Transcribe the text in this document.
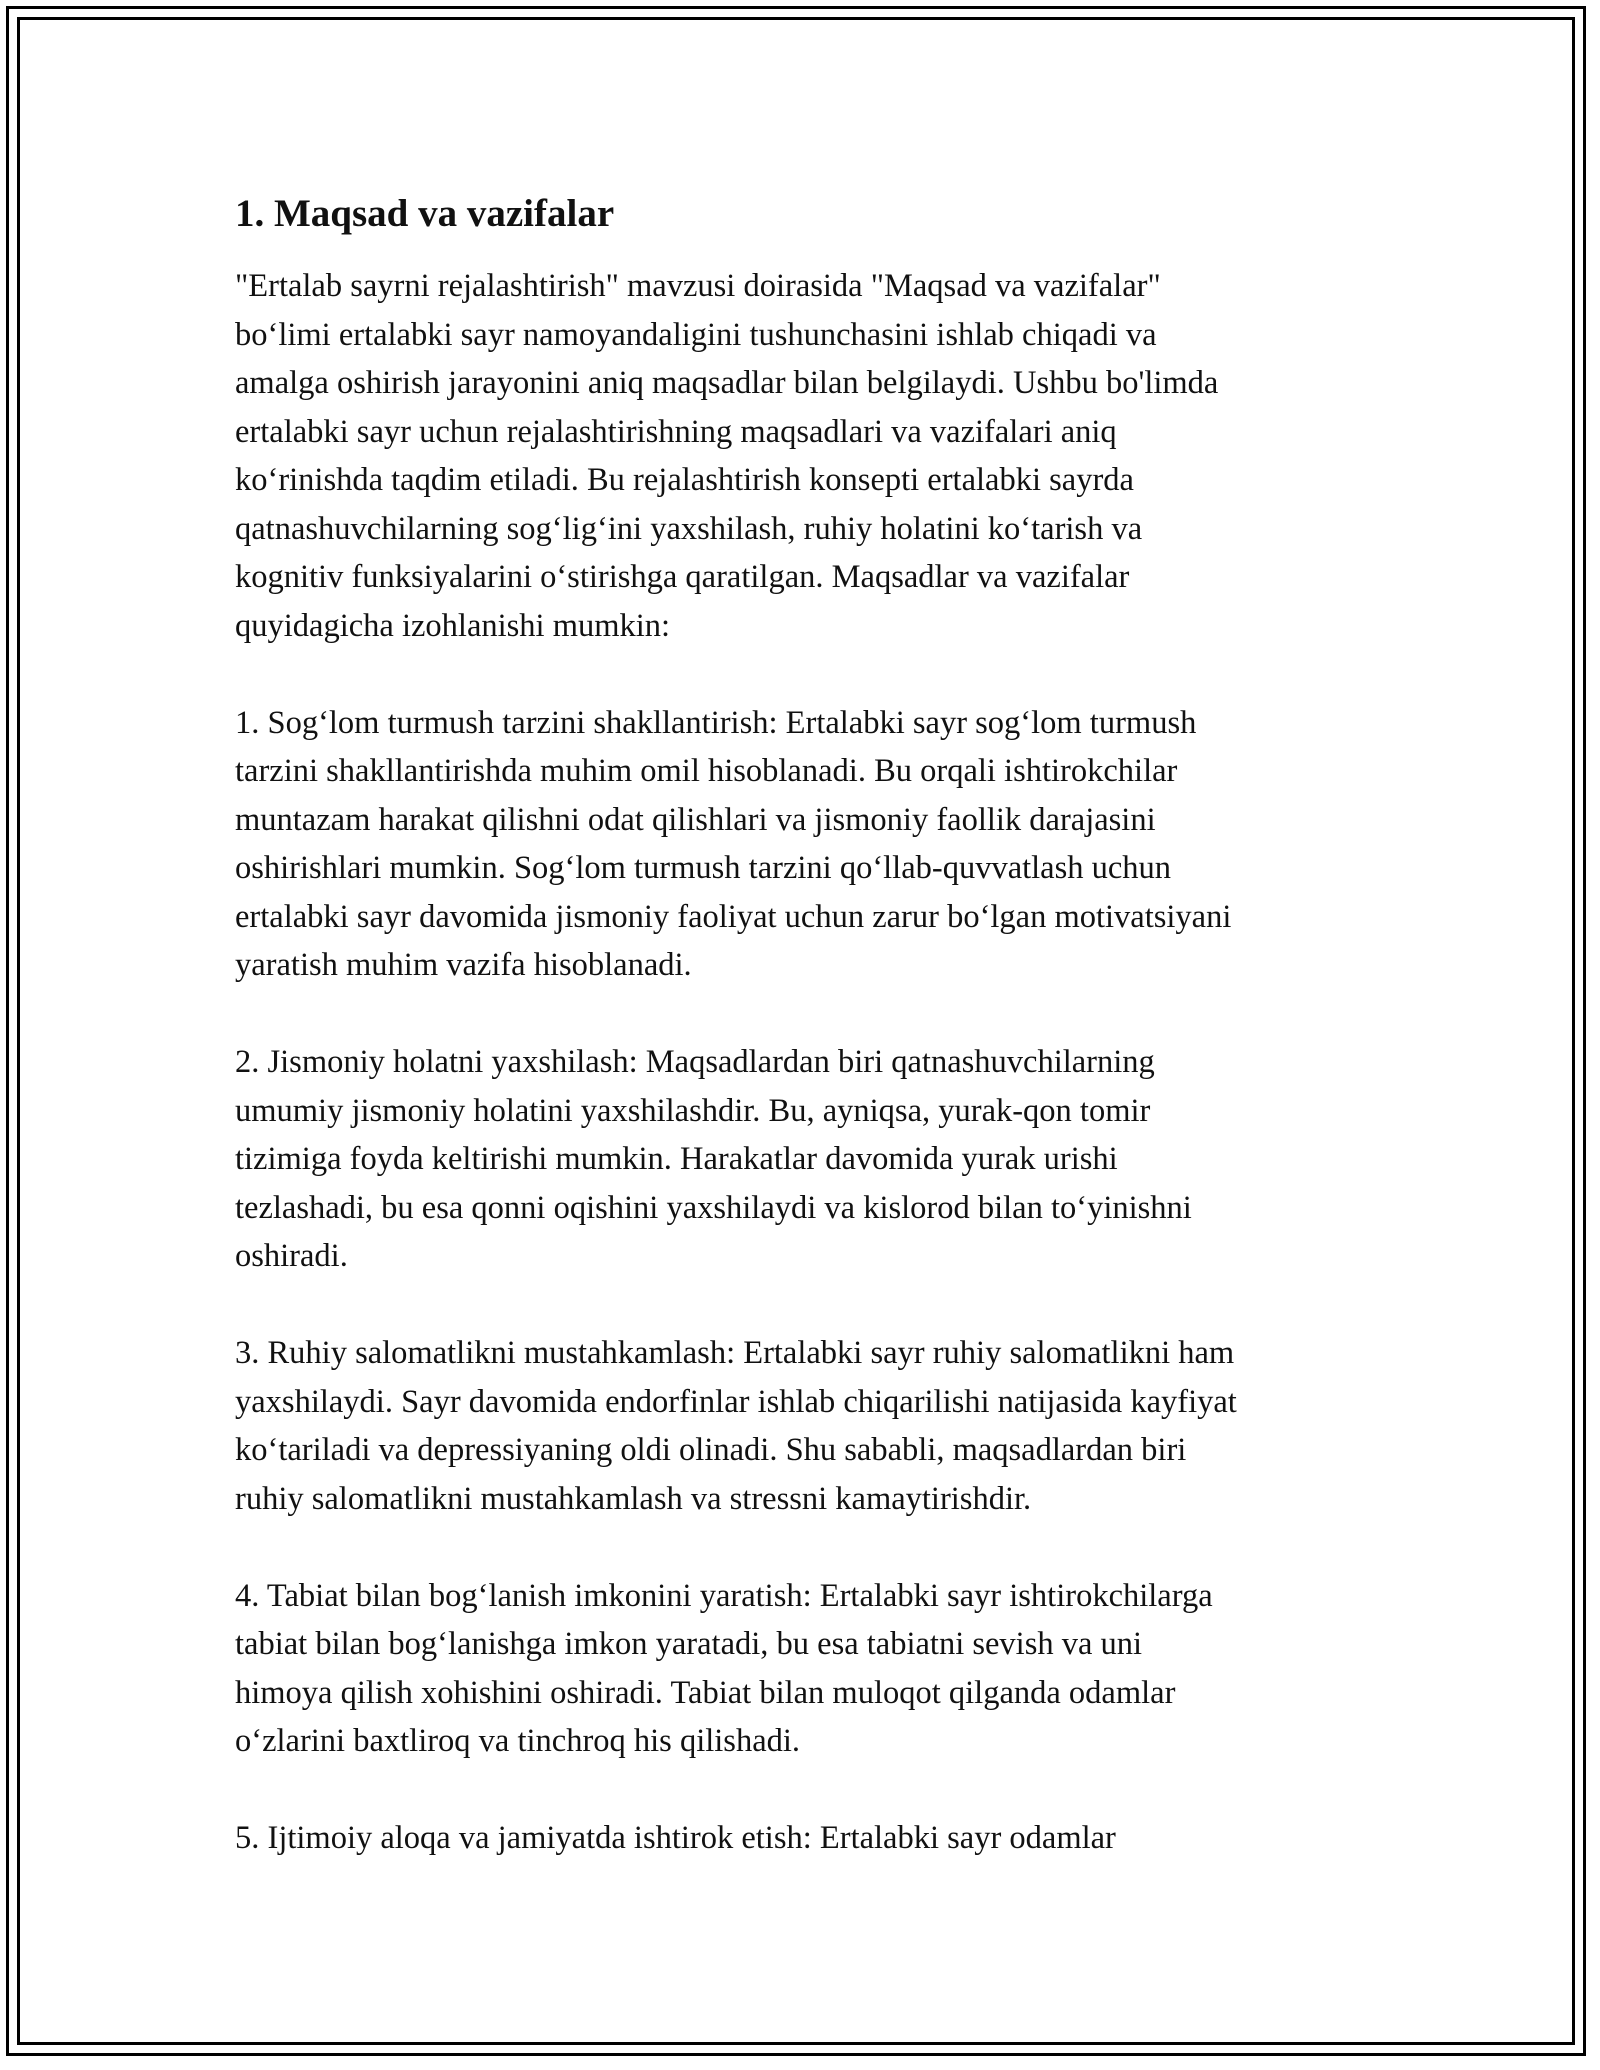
1. Maqsad va vazifalar
"Ertalab sayrni rejalashtirish" mavzusi doirasida "Maqsad va vazifalar"
bo‘limi ertalabki sayr namoyandaligini tushunchasini ishlab chiqadi va
amalga oshirish jarayonini aniq maqsadlar bilan belgilaydi. Ushbu bo'limda
ertalabki sayr uchun rejalashtirishning maqsadlari va vazifalari aniq
ko‘rinishda taqdim etiladi. Bu rejalashtirish konsepti ertalabki sayrda
qatnashuvchilarning sog‘lig‘ini yaxshilash, ruhiy holatini ko‘tarish va
kognitiv funksiyalarini o‘stirishga qaratilgan. Maqsadlar va vazifalar
quyidagicha izohlanishi mumkin:
1. Sog‘lom turmush tarzini shakllantirish: Ertalabki sayr sog‘lom turmush
tarzini shakllantirishda muhim omil hisoblanadi. Bu orqali ishtirokchilar
muntazam harakat qilishni odat qilishlari va jismoniy faollik darajasini
oshirishlari mumkin. Sog‘lom turmush tarzini qo‘llab-quvvatlash uchun
ertalabki sayr davomida jismoniy faoliyat uchun zarur bo‘lgan motivatsiyani
yaratish muhim vazifa hisoblanadi.
2. Jismoniy holatni yaxshilash: Maqsadlardan biri qatnashuvchilarning
umumiy jismoniy holatini yaxshilashdir. Bu, ayniqsa, yurak-qon tomir
tizimiga foyda keltirishi mumkin. Harakatlar davomida yurak urishi
tezlashadi, bu esa qonni oqishini yaxshilaydi va kislorod bilan to‘yinishni
oshiradi.
3. Ruhiy salomatlikni mustahkamlash: Ertalabki sayr ruhiy salomatlikni ham
yaxshilaydi. Sayr davomida endorfinlar ishlab chiqarilishi natijasida kayfiyat
ko‘tariladi va depressiyaning oldi olinadi. Shu sababli, maqsadlardan biri
ruhiy salomatlikni mustahkamlash va stressni kamaytirishdir.
4. Tabiat bilan bog‘lanish imkonini yaratish: Ertalabki sayr ishtirokchilarga
tabiat bilan bog‘lanishga imkon yaratadi, bu esa tabiatni sevish va uni
himoya qilish xohishini oshiradi. Tabiat bilan muloqot qilganda odamlar
o‘zlarini baxtliroq va tinchroq his qilishadi.
5. Ijtimoiy aloqa va jamiyatda ishtirok etish: Ertalabki sayr odamlar
